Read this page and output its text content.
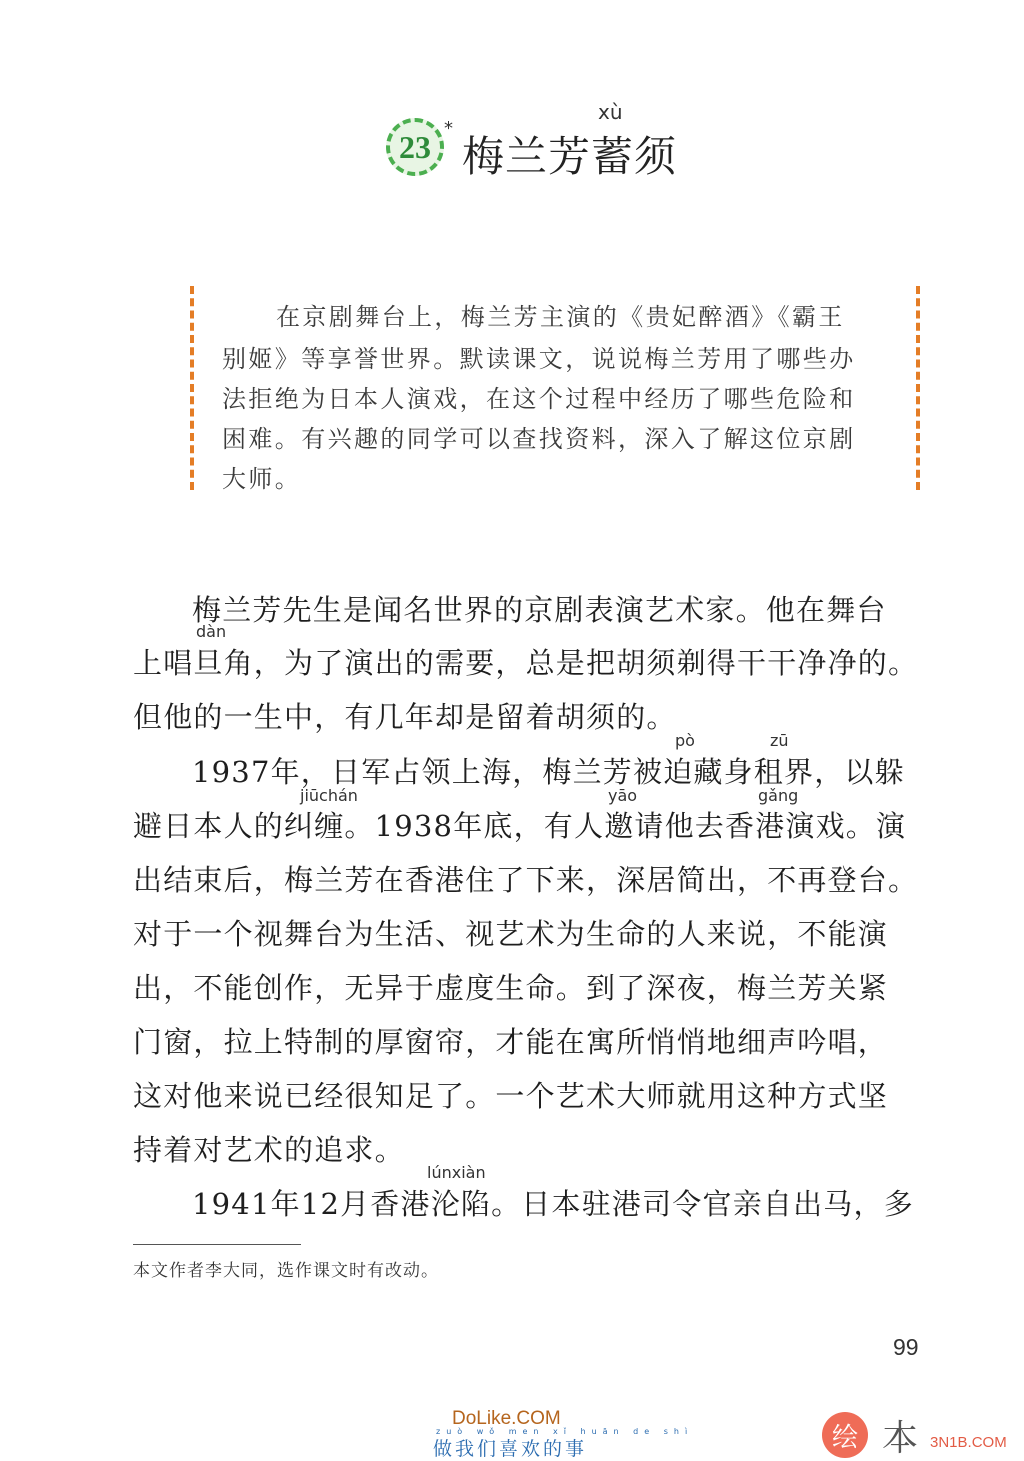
23 *
xù
梅兰芳蓄须
在京剧舞台上，梅兰芳主演的《贵妃醉酒》《霸王
别姬》等享誉世界。默读课文，说说梅兰芳用了哪些办
法拒绝为日本人演戏，在这个过程中经历了哪些危险和
困难。有兴趣的同学可以查找资料，深入了解这位京剧
大师。
dàn
pò	zū
jiūchán	yāo	gǎng
lúnxiàn
梅兰芳先生是闻名世界的京剧表演艺术家。他在舞台
上唱旦角，为了演出的需要，总是把胡须剃得干干净净的。
但他的一生中，有几年却是留着胡须的。
1937年，日军占领上海，梅兰芳被迫藏身租界，以躲
避日本人的纠缠。1938年底，有人邀请他去香港演戏。演
出结束后，梅兰芳在香港住了下来，深居简出，不再登台。
对于一个视舞台为生活、视艺术为生命的人来说，不能演
出，不能创作，无异于虚度生命。到了深夜，梅兰芳关紧
门窗，拉上特制的厚窗帘，才能在寓所悄悄地细声吟唱，
这对他来说已经很知足了。一个艺术大师就用这种方式坚
持着对艺术的追求。
1941年12月香港沦陷。日本驻港司令官亲自出马，多
本文作者李大同，选作课文时有改动。
99
DoLike.COM
zuò wǒ men xǐ huān de shì
做我们喜欢的事	绘 本 3N1B.COM
